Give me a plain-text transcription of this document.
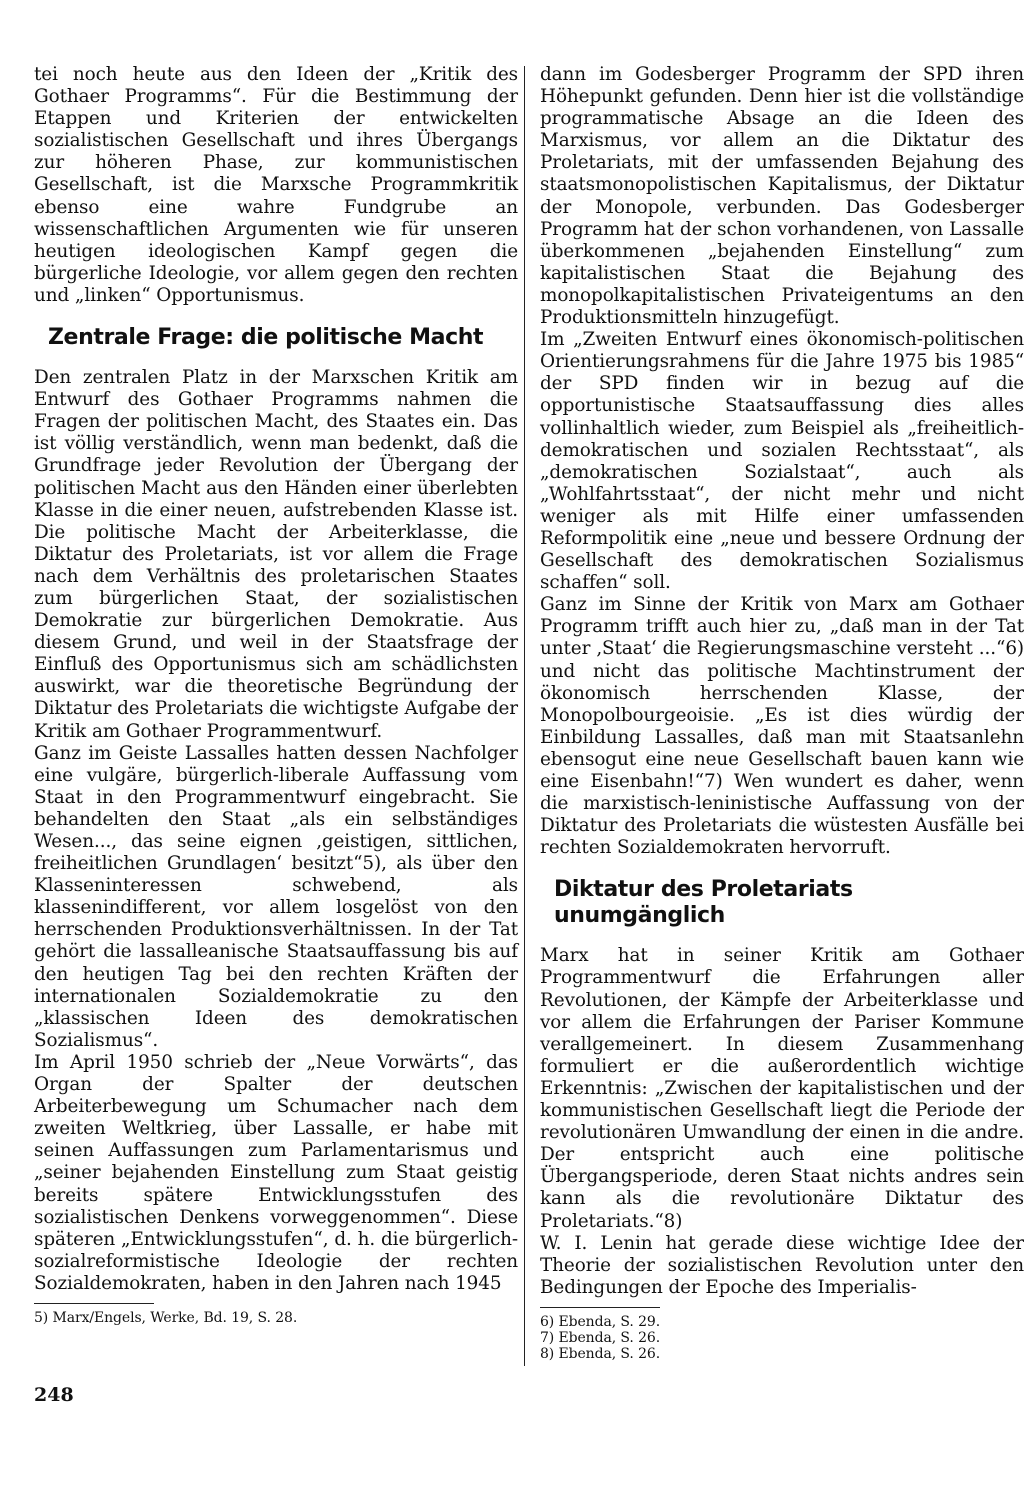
tei noch heute aus den Ideen der „Kritik des Gothaer Programms“. Für die Bestimmung der Etappen und Kriterien der entwickelten sozialistischen Gesellschaft und ihres Übergangs zur höheren Phase, zur kommunistischen Gesellschaft, ist die Marxsche Programmkritik ebenso eine wahre Fundgrube an wissenschaftlichen Argumenten wie für unseren heutigen ideologischen Kampf gegen die bürgerliche Ideologie, vor allem gegen den rechten und „linken“ Opportunismus.

Zentrale Frage: die politische Macht

Den zentralen Platz in der Marxschen Kritik am Entwurf des Gothaer Programms nahmen die Fragen der politischen Macht, des Staates ein. Das ist völlig verständlich, wenn man bedenkt, daß die Grundfrage jeder Revolution der Übergang der politischen Macht aus den Händen einer überlebten Klasse in die einer neuen, aufstrebenden Klasse ist. Die politische Macht der Arbeiterklasse, die Diktatur des Proletariats, ist vor allem die Frage nach dem Verhältnis des proletarischen Staates zum bürgerlichen Staat, der sozialistischen Demokratie zur bürgerlichen Demokratie. Aus diesem Grund, und weil in der Staatsfrage der Einfluß des Opportunismus sich am schädlichsten auswirkt, war die theoretische Begründung der Diktatur des Proletariats die wichtigste Aufgabe der Kritik am Gothaer Programmentwurf.

Ganz im Geiste Lassalles hatten dessen Nachfolger eine vulgäre, bürgerlich-liberale Auffassung vom Staat in den Programmentwurf eingebracht. Sie behandelten den Staat „als ein selbständiges Wesen..., das seine eignen ‚geistigen, sittlichen, freiheitlichen Grundlagen‘ besitzt“5), als über den Klasseninteressen schwebend, als klassenindifferent, vor allem losgelöst von den herrschenden Produktionsverhältnissen. In der Tat gehört die lassalleanische Staatsauffassung bis auf den heutigen Tag bei den rechten Kräften der internationalen Sozialdemokratie zu den „klassischen Ideen des demokratischen Sozialismus“.

Im April 1950 schrieb der „Neue Vorwärts“, das Organ der Spalter der deutschen Arbeiterbewegung um Schumacher nach dem zweiten Weltkrieg, über Lassalle, er habe mit seinen Auffassungen zum Parlamentarismus und „seiner bejahenden Einstellung zum Staat geistig bereits spätere Entwicklungsstufen des sozialistischen Denkens vorweggenommen“. Diese späteren „Entwicklungsstufen“, d. h. die bürgerlich-sozialreformistische Ideologie der rechten Sozialdemokraten, haben in den Jahren nach 1945

5) Marx/Engels, Werke, Bd. 19, S. 28.

dann im Godesberger Programm der SPD ihren Höhepunkt gefunden. Denn hier ist die vollständige programmatische Absage an die Ideen des Marxismus, vor allem an die Diktatur des Proletariats, mit der umfassenden Bejahung des staatsmonopolistischen Kapitalismus, der Diktatur der Monopole, verbunden. Das Godesberger Programm hat der schon vorhandenen, von Lassalle überkommenen „bejahenden Einstellung“ zum kapitalistischen Staat die Bejahung des monopolkapitalistischen Privateigentums an den Produktionsmitteln hinzugefügt.

Im „Zweiten Entwurf eines ökonomisch-politischen Orientierungsrahmens für die Jahre 1975 bis 1985“ der SPD finden wir in bezug auf die opportunistische Staatsauffassung dies alles vollinhaltlich wieder, zum Beispiel als „freiheitlich-demokratischen und sozialen Rechtsstaat“, als „demokratischen Sozialstaat“, auch als „Wohlfahrtsstaat“, der nicht mehr und nicht weniger als mit Hilfe einer umfassenden Reformpolitik eine „neue und bessere Ordnung der Gesellschaft des demokratischen Sozialismus schaffen“ soll.

Ganz im Sinne der Kritik von Marx am Gothaer Programm trifft auch hier zu, „daß man in der Tat unter ‚Staat‘ die Regierungsmaschine versteht ...“6) und nicht das politische Machtinstrument der ökonomisch herrschenden Klasse, der Monopolbourgeoisie. „Es ist dies würdig der Einbildung Lassalles, daß man mit Staatsanlehn ebensogut eine neue Gesellschaft bauen kann wie eine Eisenbahn!“7) Wen wundert es daher, wenn die marxistisch-leninistische Auffassung von der Diktatur des Proletariats die wüstesten Ausfälle bei rechten Sozialdemokraten hervorruft.

Diktatur des Proletariats unumgänglich

Marx hat in seiner Kritik am Gothaer Programmentwurf die Erfahrungen aller Revolutionen, der Kämpfe der Arbeiterklasse und vor allem die Erfahrungen der Pariser Kommune verallgemeinert. In diesem Zusammenhang formuliert er die außerordentlich wichtige Erkenntnis: „Zwischen der kapitalistischen und der kommunistischen Gesellschaft liegt die Periode der revolutionären Umwandlung der einen in die andre. Der entspricht auch eine politische Übergangsperiode, deren Staat nichts andres sein kann als die revolutionäre Diktatur des Proletariats.“8)

W. I. Lenin hat gerade diese wichtige Idee der Theorie der sozialistischen Revolution unter den Bedingungen der Epoche des Imperialis-

6) Ebenda, S. 29.

7) Ebenda, S. 26.

8) Ebenda, S. 26.

248
